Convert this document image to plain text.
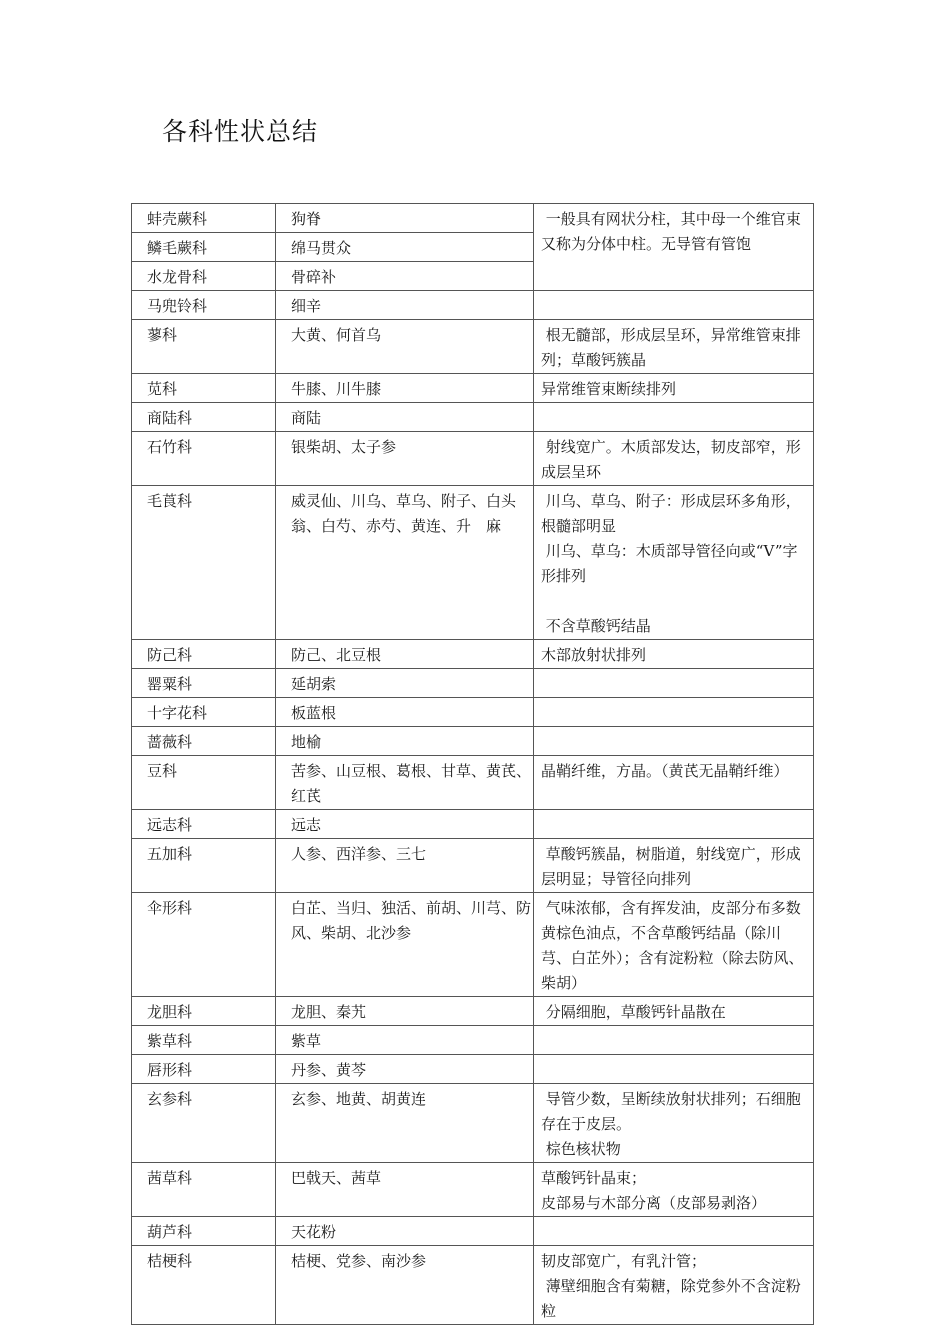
各科性状总结
蚌壳蕨科	狗脊	一般具有网状分柱，其中母一个维官束又称为分体中柱。无导管有管饱

鳞毛蕨科	绵马贯众	
水龙骨科	骨碎补	
马兜铃科	细辛	
蓼科	大黄、何首乌	根无髓部，形成层呈环，异常维管束排列；草酸钙簇晶

苋科	牛膝、川牛膝	异常维管束断续排列

商陆科	商陆	
石竹科	银柴胡、太子参	射线宽广。木质部发达，韧皮部窄，形成层呈环

毛莨科	威灵仙、川乌、草乌、附子、白头翁、白芍、赤芍、黄连、升　麻	川乌、草乌、附子：形成层环多角形，根髓部明显
川乌、草乌：木质部导管径向或“V”字形排列

不含草酸钙结晶

防己科	防己、北豆根	木部放射状排列

罂粟科	延胡索	
十字花科	板蓝根	
蔷薇科	地榆	
豆科	苦参、山豆根、葛根、甘草、黄芪、红芪	晶鞘纤维，方晶。（黄芪无晶鞘纤维）

远志科	远志	
五加科	人参、西洋参、三七	草酸钙簇晶，树脂道，射线宽广，形成层明显；导管径向排列

伞形科	白芷、当归、独活、前胡、川芎、防风、柴胡、北沙参	气味浓郁，含有挥发油，皮部分布多数黄棕色油点，不含草酸钙结晶（除川芎、白芷外）；含有淀粉粒（除去防风、柴胡）

龙胆科	龙胆、秦艽	分隔细胞，草酸钙针晶散在

紫草科	紫草	
唇形科	丹参、黄芩	
玄参科	玄参、地黄、胡黄连	导管少数，呈断续放射状排列；石细胞存在于皮层。
棕色核状物

茜草科	巴戟天、茜草	草酸钙针晶束；
皮部易与木部分离（皮部易剥洛）

葫芦科	天花粉	
桔梗科	桔梗、党参、南沙参	韧皮部宽广，有乳汁管；
薄壁细胞含有菊糖，除党参外不含淀粉粒
